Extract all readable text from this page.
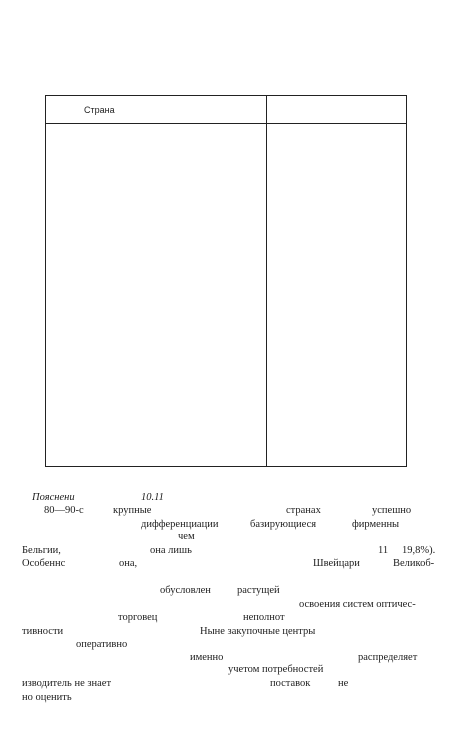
Страна
Пояснени	10.11
80—90-с	крупные	странах	успешно
дифференциации	базирующиеся	фирменны
чем
Бельгии,	она лишь	11 19,8%).
Особеннс	она,	Швейцари	Великоб-
обусловлен растущей
освоения систем оптичес-
торговец	неполнот
тивности	Ныне закупочные центры
оперативно
именно	распределяет
учетом потребностей
изводитель не знает	поставок	не
но оценить
